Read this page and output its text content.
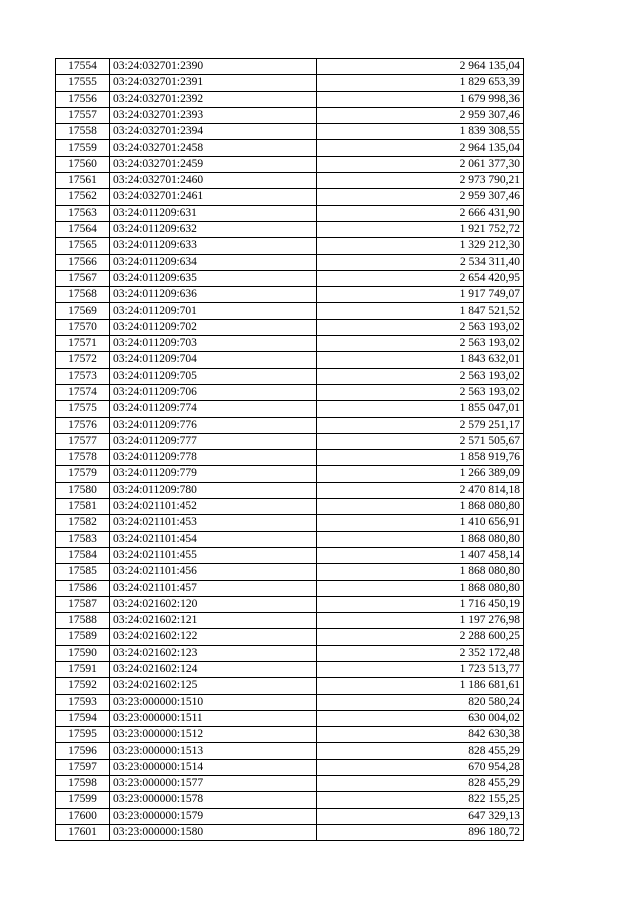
17554	03:24:032701:2390	2 964 135,04
17555	03:24:032701:2391	1 829 653,39
17556	03:24:032701:2392	1 679 998,36
17557	03:24:032701:2393	2 959 307,46
17558	03:24:032701:2394	1 839 308,55
17559	03:24:032701:2458	2 964 135,04
17560	03:24:032701:2459	2 061 377,30
17561	03:24:032701:2460	2 973 790,21
17562	03:24:032701:2461	2 959 307,46
17563	03:24:011209:631	2 666 431,90
17564	03:24:011209:632	1 921 752,72
17565	03:24:011209:633	1 329 212,30
17566	03:24:011209:634	2 534 311,40
17567	03:24:011209:635	2 654 420,95
17568	03:24:011209:636	1 917 749,07
17569	03:24:011209:701	1 847 521,52
17570	03:24:011209:702	2 563 193,02
17571	03:24:011209:703	2 563 193,02
17572	03:24:011209:704	1 843 632,01
17573	03:24:011209:705	2 563 193,02
17574	03:24:011209:706	2 563 193,02
17575	03:24:011209:774	1 855 047,01
17576	03:24:011209:776	2 579 251,17
17577	03:24:011209:777	2 571 505,67
17578	03:24:011209:778	1 858 919,76
17579	03:24:011209:779	1 266 389,09
17580	03:24:011209:780	2 470 814,18
17581	03:24:021101:452	1 868 080,80
17582	03:24:021101:453	1 410 656,91
17583	03:24:021101:454	1 868 080,80
17584	03:24:021101:455	1 407 458,14
17585	03:24:021101:456	1 868 080,80
17586	03:24:021101:457	1 868 080,80
17587	03:24:021602:120	1 716 450,19
17588	03:24:021602:121	1 197 276,98
17589	03:24:021602:122	2 288 600,25
17590	03:24:021602:123	2 352 172,48
17591	03:24:021602:124	1 723 513,77
17592	03:24:021602:125	1 186 681,61
17593	03:23:000000:1510	820 580,24
17594	03:23:000000:1511	630 004,02
17595	03:23:000000:1512	842 630,38
17596	03:23:000000:1513	828 455,29
17597	03:23:000000:1514	670 954,28
17598	03:23:000000:1577	828 455,29
17599	03:23:000000:1578	822 155,25
17600	03:23:000000:1579	647 329,13
17601	03:23:000000:1580	896 180,72
